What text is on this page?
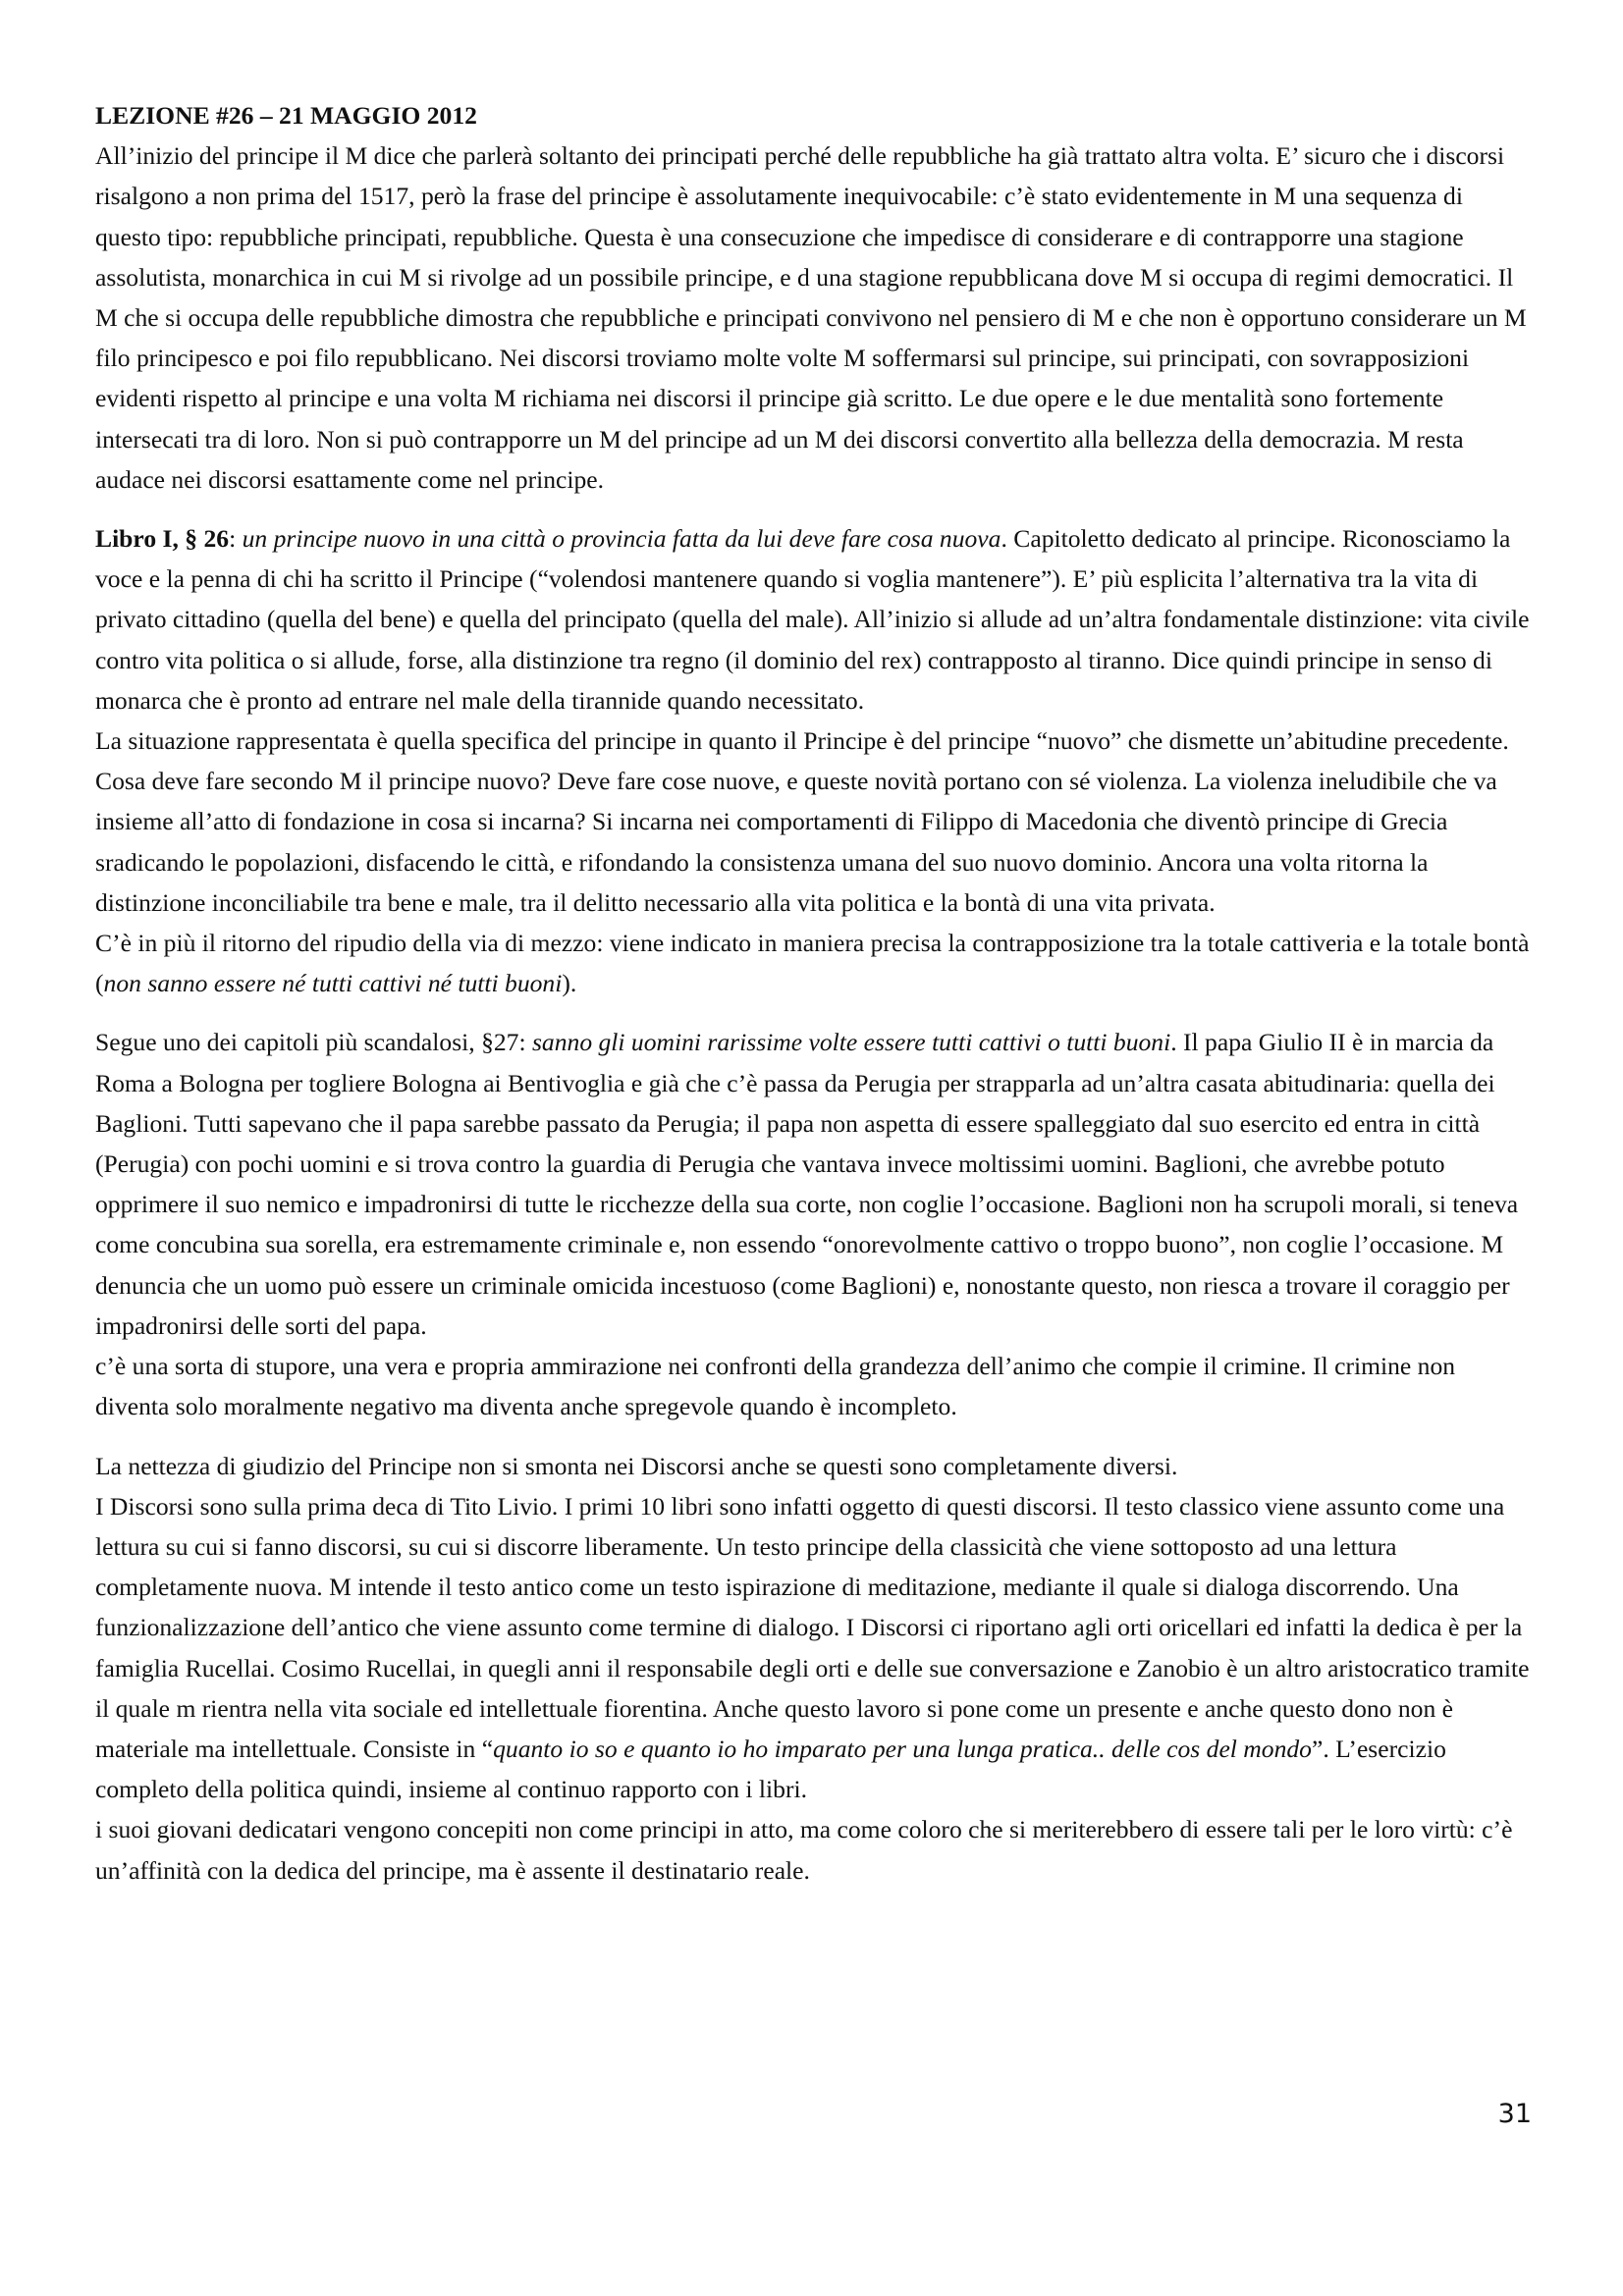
LEZIONE #26 – 21 MAGGIO 2012
All’inizio del principe il M dice che parlerà soltanto dei principati perché delle repubbliche ha già trattato altra volta. E’ sicuro che i discorsi risalgono a non prima del 1517, però la frase del principe è assolutamente inequivocabile: c’è stato evidentemente in M una sequenza di questo tipo: repubbliche principati, repubbliche. Questa è una consecuzione che impedisce di considerare e di contrapporre una stagione assolutista, monarchica in cui M si rivolge ad un possibile principe, e d una stagione repubblicana dove M si occupa di regimi democratici. Il M che si occupa delle repubbliche dimostra che repubbliche e principati convivono nel pensiero di M e che non è opportuno considerare un M filo principesco e poi filo repubblicano. Nei discorsi troviamo molte volte M soffermarsi sul principe, sui principati, con sovrapposizioni evidenti rispetto al principe e una volta M richiama nei discorsi il principe già scritto. Le due opere e le due mentalità sono fortemente intersecati tra di loro. Non si può contrapporre un M del principe ad un M dei discorsi convertito alla bellezza della democrazia. M resta audace nei discorsi esattamente come nel principe.
Libro I, § 26: un principe nuovo in una città o provincia fatta da lui deve fare cosa nuova. Capitoletto dedicato al principe. Riconosciamo la voce e la penna di chi ha scritto il Principe (“volendosi mantenere quando si voglia mantenere”). E’ più esplicita l’alternativa tra la vita di privato cittadino (quella del bene) e quella del principato (quella del male). All’inizio si allude ad un’altra fondamentale distinzione: vita civile contro vita politica o si allude, forse, alla distinzione tra regno (il dominio del rex) contrapposto al tiranno. Dice quindi principe in senso di monarca che è pronto ad entrare nel male della tirannide quando necessitato.
La situazione rappresentata è quella specifica del principe in quanto il Principe è del principe “nuovo” che dismette un’abitudine precedente. Cosa deve fare secondo M il principe nuovo? Deve fare cose nuove, e queste novità portano con sé violenza. La violenza ineludibile che va insieme all’atto di fondazione in cosa si incarna? Si incarna nei comportamenti di Filippo di Macedonia che diventò principe di Grecia sradicando le popolazioni, disfacendo le città, e rifondando la consistenza umana del suo nuovo dominio. Ancora una volta ritorna la distinzione inconciliabile tra bene e male, tra il delitto necessario alla vita politica e la bontà di una vita privata.
C’è in più il ritorno del ripudio della via di mezzo: viene indicato in maniera precisa la contrapposizione tra la totale cattiveria e la totale bontà (non sanno essere né tutti cattivi né tutti buoni).
Segue uno dei capitoli più scandalosi, §27: sanno gli uomini rarissime volte essere tutti cattivi o tutti buoni. Il papa Giulio II è in marcia da Roma a Bologna per togliere Bologna ai Bentivoglia e già che c’è passa da Perugia per strapparla ad un’altra casata abitudinaria: quella dei Baglioni. Tutti sapevano che il papa sarebbe passato da Perugia; il papa non aspetta di essere spalleggiato dal suo esercito ed entra in città (Perugia) con pochi uomini e si trova contro la guardia di Perugia che vantava invece moltissimi uomini. Baglioni, che avrebbe potuto opprimere il suo nemico e impadronirsi di tutte le ricchezze della sua corte, non coglie l’occasione. Baglioni non ha scrupoli morali, si teneva come concubina sua sorella, era estremamente criminale e, non essendo “onorevolmente cattivo o troppo buono”, non coglie l’occasione. M denuncia che un uomo può essere un criminale omicida incestuoso (come Baglioni) e, nonostante questo, non riesca a trovare il coraggio per impadronirsi delle sorti del papa.
c’è una sorta di stupore, una vera e propria ammirazione nei confronti della grandezza dell’animo che compie il crimine. Il crimine non diventa solo moralmente negativo ma diventa anche spregevole quando è incompleto.
La nettezza di giudizio del Principe non si smonta nei Discorsi anche se questi sono completamente diversi.
I Discorsi sono sulla prima deca di Tito Livio. I primi 10 libri sono infatti oggetto di questi discorsi. Il testo classico viene assunto come una lettura su cui si fanno discorsi, su cui si discorre liberamente. Un testo principe della classicità che viene sottoposto ad una lettura completamente nuova. M intende il testo antico come un testo ispirazione di meditazione, mediante il quale si dialoga discorrendo. Una funzionalizzazione dell’antico che viene assunto come termine di dialogo. I Discorsi ci riportano agli orti oricellari ed infatti la dedica è per la famiglia Rucellai. Cosimo Rucellai, in quegli anni il responsabile degli orti e delle sue conversazione e Zanobio è un altro aristocratico tramite il quale m rientra nella vita sociale ed intellettuale fiorentina. Anche questo lavoro si pone come un presente e anche questo dono non è materiale ma intellettuale. Consiste in “quanto io so e quanto io ho imparato per una lunga pratica.. delle cos del mondo”. L’esercizio completo della politica quindi, insieme al continuo rapporto con i libri.
i suoi giovani dedicatari vengono concepiti non come principi in atto, ma come coloro che si meriterebbero di essere tali per le loro virtù: c’è un’affinità con la dedica del principe, ma è assente il destinatario reale.
31
